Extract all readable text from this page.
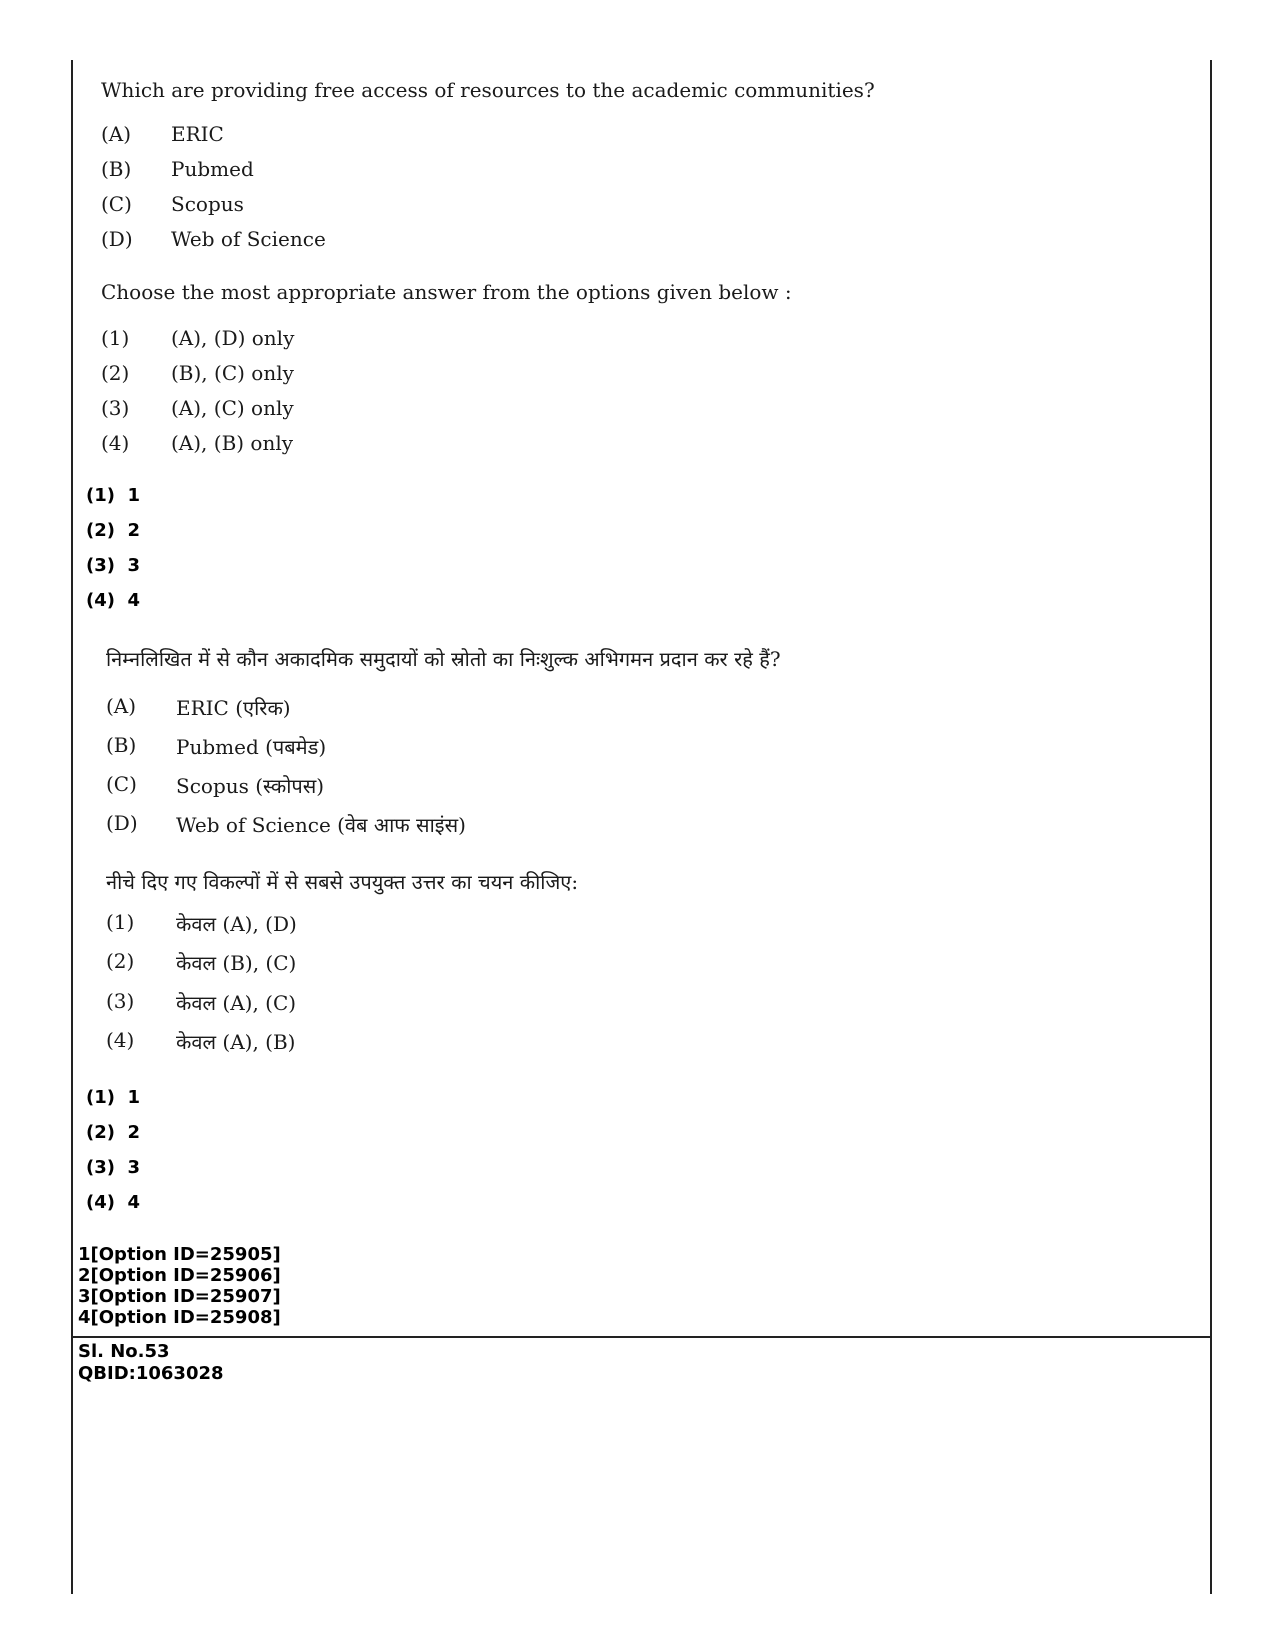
Which are providing free access of resources to the academic communities?
(A) ERIC
(B) Pubmed
(C) Scopus
(D) Web of Science
Choose the most appropriate answer from the options given below :
(1) (A), (D) only
(2) (B), (C) only
(3) (A), (C) only
(4) (A), (B) only
(1)  1
(2)  2
(3)  3
(4)  4
निम्नलिखित में से कौन अकादमिक समुदायों को स्रोतो का निःशुल्क अभिगमन प्रदान कर रहे हैं?
(A) ERIC (एरिक)
(B) Pubmed (पबमेड)
(C) Scopus (स्कोपस)
(D) Web of Science (वेब आफ साइंस)
नीचे दिए गए विकल्पों में से सबसे उपयुक्त उत्तर का चयन कीजिए:
(1) केवल (A), (D)
(2) केवल (B), (C)
(3) केवल (A), (C)
(4) केवल (A), (B)
(1)  1
(2)  2
(3)  3
(4)  4
1[Option ID=25905]
2[Option ID=25906]
3[Option ID=25907]
4[Option ID=25908]
Sl. No.53
QBID:1063028
